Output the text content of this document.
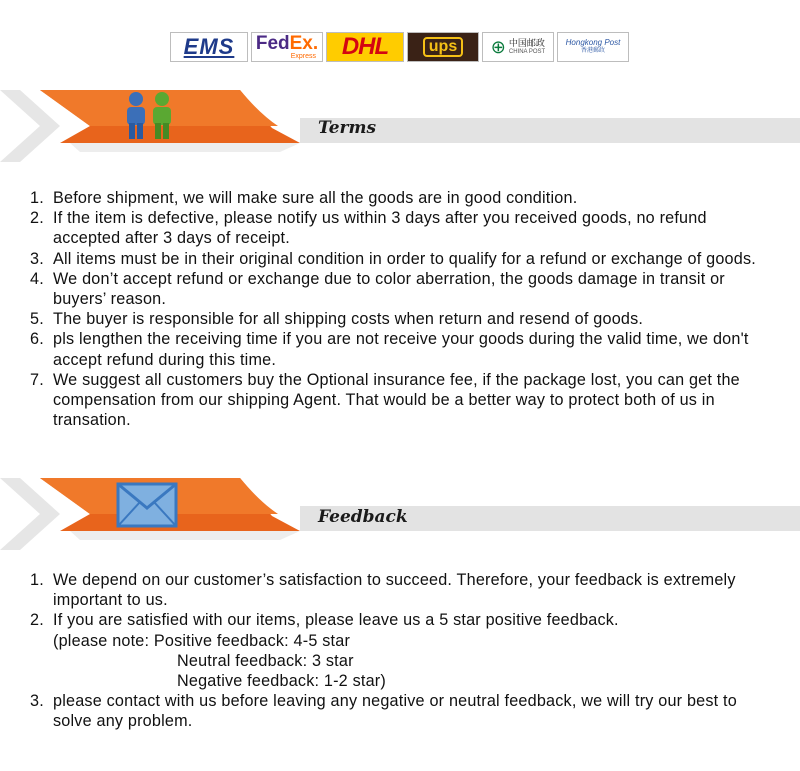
EMS FedEx.
Express DHL	ups	⊕ 中国邮政
CHINA POST
Hongkong Post
香港郵政
Terms
1. Before shipment, we will make sure all the goods are in good condition.
2. If the item is defective, please notify us within 3 days after you received goods, no refund accepted after 3 days of receipt.
3. All items must be in their original condition in order to qualify for a refund or exchange of goods.
4. We don’t accept refund or exchange due to color aberration, the goods damage in transit or buyers’ reason.
5. The buyer is responsible for all shipping costs when return and resend of goods.
6. pls lengthen the receiving time if you are not receive your goods during the valid time, we don't accept refund during this time.
7. We suggest all customers buy the Optional insurance fee, if the package lost, you can get the compensation from our shipping Agent. That would be a better way to protect both of us in transation.
Feedback
1. We depend on our customer’s satisfaction to succeed. Therefore, your feedback is extremely important to us.
2. If you are satisfied with our items, please leave us a 5 star positive feedback.
(please note: Positive feedback: 4-5 star
Neutral feedback: 3 star
Negative feedback: 1-2 star)
3. please contact with us before leaving any negative or neutral feedback, we will try our best to solve any problem.
